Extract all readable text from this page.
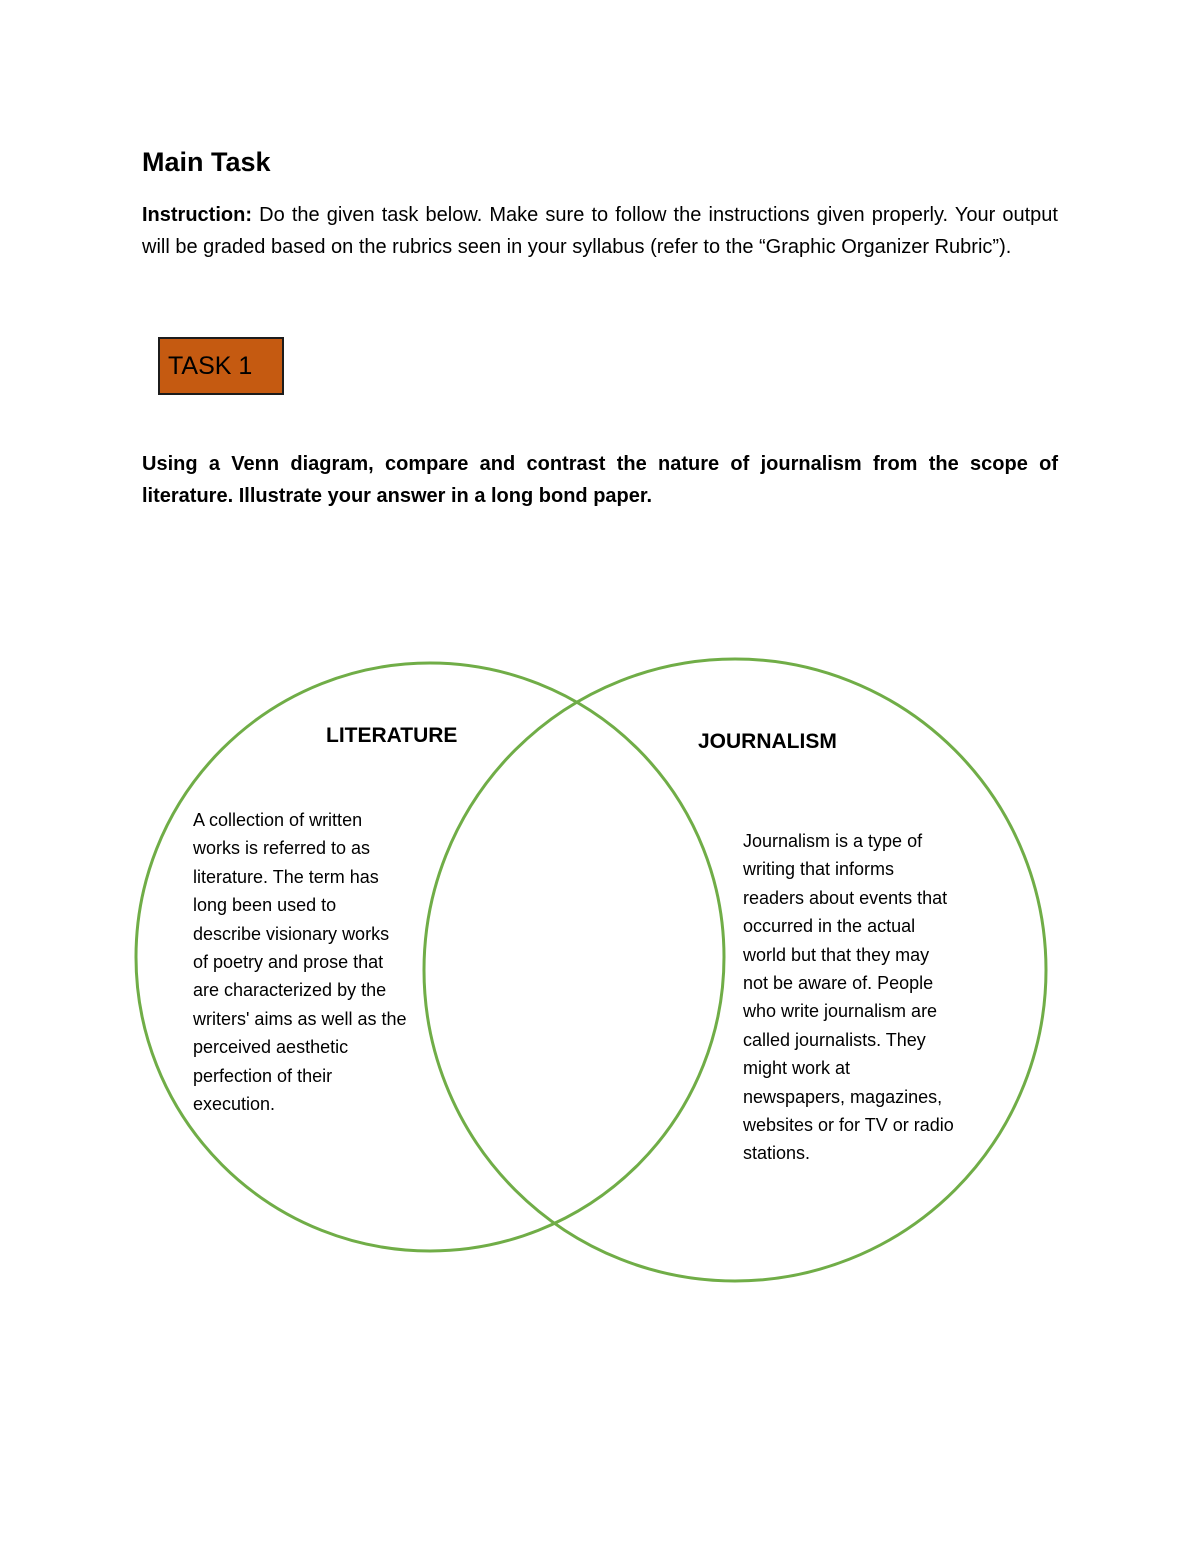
Main Task

Instruction: Do the given task below. Make sure to follow the instructions given properly. Your output will be graded based on the rubrics seen in your syllabus (refer to the “Graphic Organizer Rubric”).

TASK 1

Using a Venn diagram, compare and contrast the nature of journalism from the scope of literature. Illustrate your answer in a long bond paper.

LITERATURE
A collection of written
works is referred to as
literature. The term has
long been used to
describe visionary works
of poetry and prose that
are characterized by the
writers' aims as well as the
perceived aesthetic
perfection of their
execution.
JOURNALISM
Journalism is a type of
writing that informs
readers about events that
occurred in the actual
world but that they may
not be aware of. People
who write journalism are
called journalists. They
might work at
newspapers, magazines,
websites or for TV or radio
stations.
